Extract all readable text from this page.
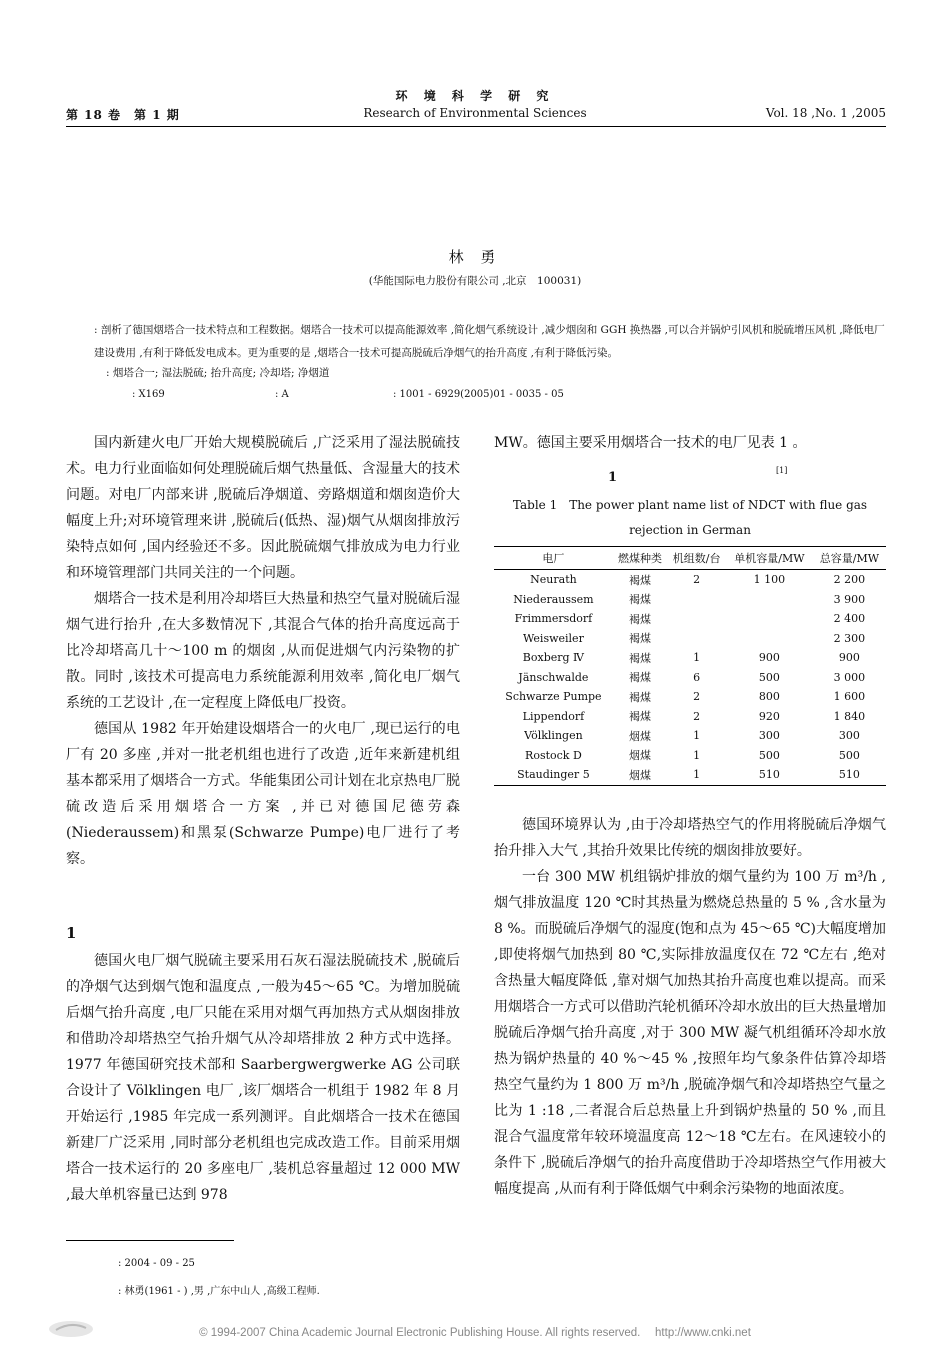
第 18 卷　第 1 期
环 境 科 学 研 究
Research of Environmental Sciences	Vol. 18 ,No. 1 ,2005
林 勇
(华能国际电力股份有限公司 ,北京　100031)
: 剖析了德国烟塔合一技术特点和工程数据。烟塔合一技术可以提高能源效率 ,简化烟气系统设计 ,减少烟囱和 GGH 换热器 ,可以合并锅炉引风机和脱硫增压风机 ,降低电厂建设费用 ,有利于降低发电成本。更为重要的是 ,烟塔合一技术可提高脱硫后净烟气的抬升高度 ,有利于降低污染。
: 烟塔合一; 湿法脱硫; 抬升高度; 冷却塔; 净烟道
: X169	: A	: 1001 - 6929(2005)01 - 0035 - 05

国内新建火电厂开始大规模脱硫后 ,广泛采用了湿法脱硫技术。电力行业面临如何处理脱硫后烟气热量低、含湿量大的技术问题。对电厂内部来讲 ,脱硫后净烟道、旁路烟道和烟囱造价大幅度上升;对环境管理来讲 ,脱硫后(低热、湿)烟气从烟囱排放污染特点如何 ,国内经验还不多。因此脱硫烟气排放成为电力行业和环境管理部门共同关注的一个问题。

烟塔合一技术是利用冷却塔巨大热量和热空气量对脱硫后湿烟气进行抬升 ,在大多数情况下 ,其混合气体的抬升高度远高于比冷却塔高几十～100 m 的烟囱 ,从而促进烟气内污染物的扩散。同时 ,该技术可提高电力系统能源利用效率 ,简化电厂烟气系统的工艺设计 ,在一定程度上降低电厂投资。

德国从 1982 年开始建设烟塔合一的火电厂 ,现已运行的电厂有 20 多座 ,并对一批老机组也进行了改造 ,近年来新建机组基本都采用了烟塔合一方式。华能集团公司计划在北京热电厂脱硫改造后采用烟塔合一方案 ,并已对德国尼德劳森(Niederaussem)和黑泵(Schwarze Pumpe)电厂进行了考察。

1

德国火电厂烟气脱硫主要采用石灰石湿法脱硫技术 ,脱硫后的净烟气达到烟气饱和温度点 ,一般为45～65 ℃。为增加脱硫后烟气抬升高度 ,电厂只能在采用对烟气再加热方式从烟囱排放和借助冷却塔热空气抬升烟气从冷却塔排放 2 种方式中选择。1977 年德国研究技术部和 Saarbergwergwerke AG 公司联合设计了 Völklingen 电厂 ,该厂烟塔合一机组于 1982 年 8 月开始运行 ,1985 年完成一系列测评。自此烟塔合一技术在德国新建厂广泛采用 ,同时部分老机组也完成改造工作。目前采用烟塔合一技术运行的 20 多座电厂 ,装机总容量超过 12 000 MW ,最大单机容量已达到 978

MW。德国主要采用烟塔合一技术的电厂见表 1 。

1	[1]
Table 1　The power plant name list of NDCT with flue gas rejection in German
电厂	燃煤种类	机组数/台	单机容量/MW	总容量/MW
Neurath	褐煤	2	1 100	2 200
Niederaussem	褐煤			3 900
Frimmersdorf	褐煤			2 400
Weisweiler	褐煤			2 300
Boxberg Ⅳ	褐煤	1	900	900
Jänschwalde	褐煤	6	500	3 000
Schwarze Pumpe	褐煤	2	800	1 600
Lippendorf	褐煤	2	920	1 840
Völklingen	烟煤	1	300	300
Rostock D	烟煤	1	500	500
Staudinger 5	烟煤	1	510	510

德国环境界认为 ,由于冷却塔热空气的作用将脱硫后净烟气抬升排入大气 ,其抬升效果比传统的烟囱排放要好。

一台 300 MW 机组锅炉排放的烟气量约为 100 万 m³/h ,烟气排放温度 120 ℃时其热量为燃烧总热量的 5 % ,含水量为 8 %。而脱硫后净烟气的湿度(饱和点为 45～65 ℃)大幅度增加 ,即使将烟气加热到 80 ℃,实际排放温度仅在 72 ℃左右 ,绝对含热量大幅度降低 ,靠对烟气加热其抬升高度也难以提高。而采用烟塔合一方式可以借助汽轮机循环冷却水放出的巨大热量增加脱硫后净烟气抬升高度 ,对于 300 MW 凝气机组循环冷却水放热为锅炉热量的 40 %～45 % ,按照年均气象条件估算冷却塔热空气量约为 1 800 万 m³/h ,脱硫净烟气和冷却塔热空气量之比为 1 :18 ,二者混合后总热量上升到锅炉热量的 50 % ,而且混合气温度常年较环境温度高 12～18 ℃左右。在风速较小的条件下 ,脱硫后净烟气的抬升高度借助于冷却塔热空气作用被大幅度提高 ,从而有利于降低烟气中剩余污染物的地面浓度。

: 2004 - 09 - 25
: 林勇(1961 - ) ,男 ,广东中山人 ,高级工程师.
© 1994-2007 China Academic Journal Electronic Publishing House. All rights reserved.　 http://www.cnki.net
